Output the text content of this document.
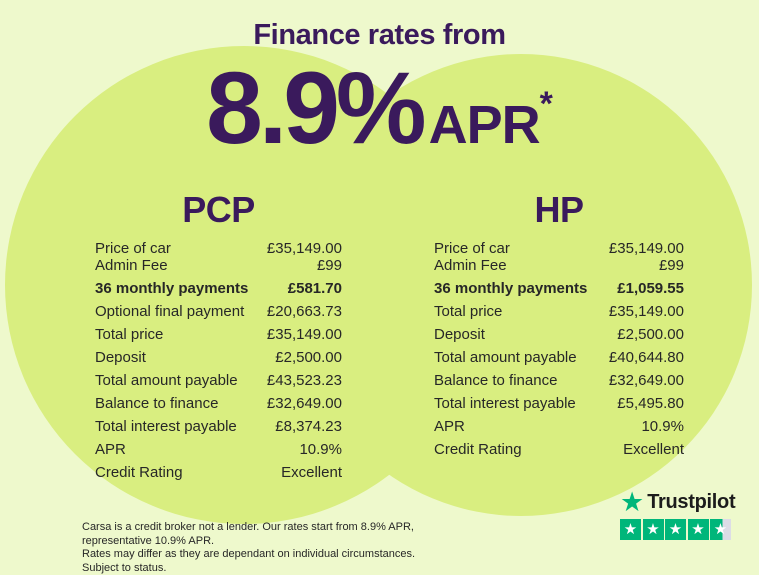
Finance rates from
8.9% APR*
PCP	HP
Price of car	£35,149.00
Admin Fee	£99
36 monthly payments	£581.70
Optional final payment £20,663.73
Total price	£35,149.00
Deposit	£2,500.00
Total amount payable £43,523.23
Balance to finance	£32,649.00
Total interest payable	£8,374.23
APR	10.9%
Credit Rating	Excellent
Price of car	£35,149.00
Admin Fee	£99
36 monthly payments £1,059.55
Total price	£35,149.00
Deposit	£2,500.00
Total amount payable £40,644.80
Balance to finance	£32,649.00
Total interest payable	£5,495.80
APR	10.9%
Credit Rating	Excellent

Carsa is a credit broker not a lender. Our rates start from 8.9% APR, representative 10.9% APR.
Rates may differ as they are dependant on individual circumstances. Subject to status.

★ Trustpilot
★ ★ ★ ★ ★
